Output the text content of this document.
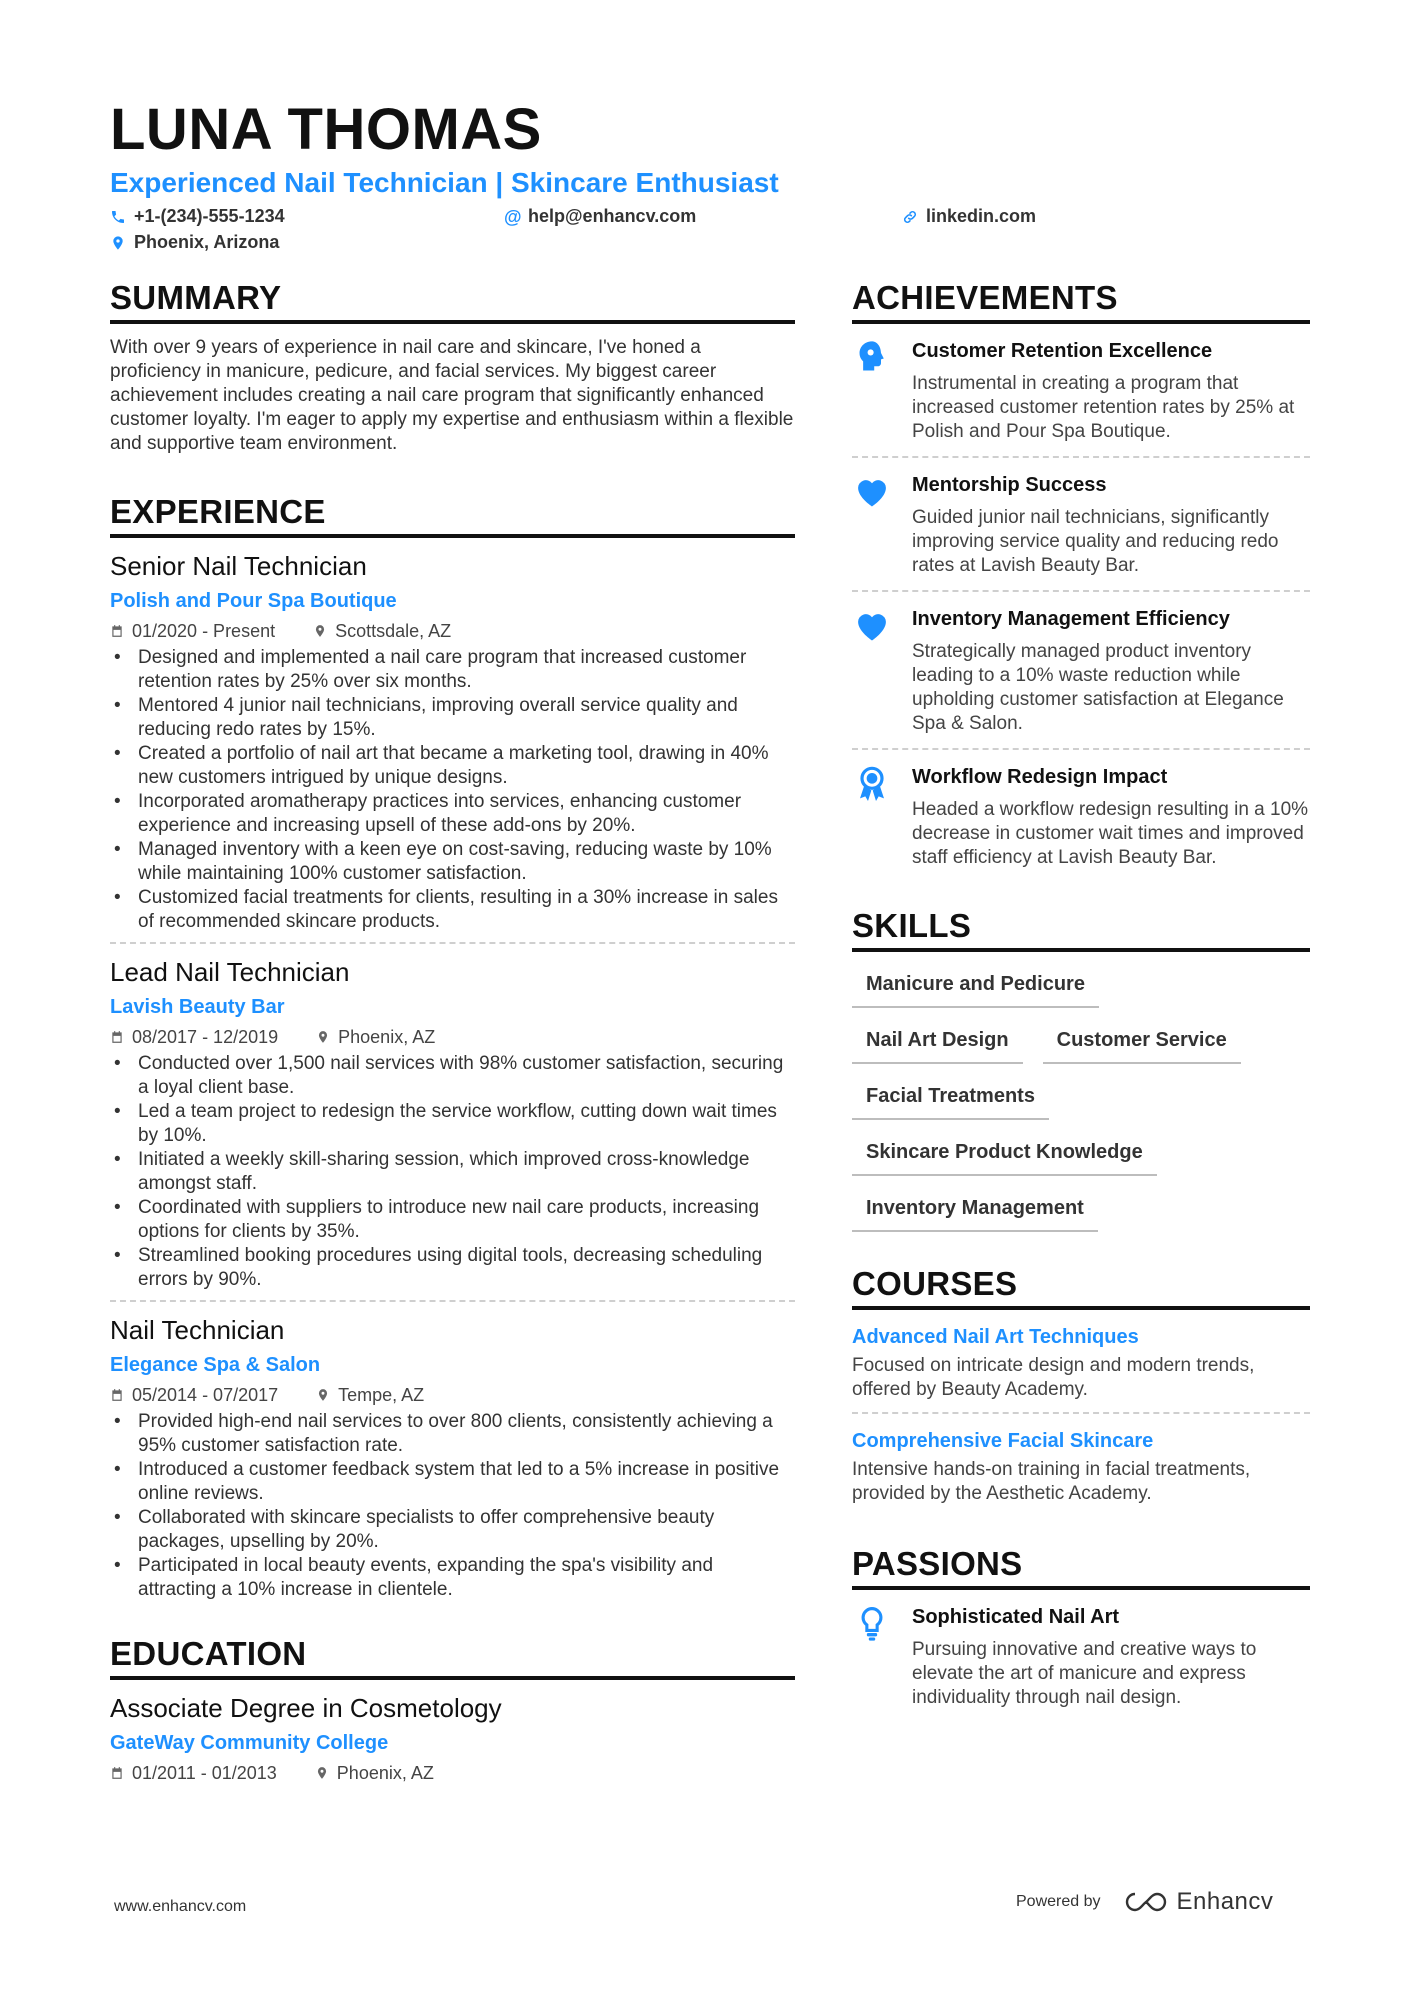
LUNA THOMAS
Experienced Nail Technician | Skincare Enthusiast
+1-(234)-555-1234	@ help@enhancv.com	linkedin.com
Phoenix, Arizona
SUMMARY

With over 9 years of experience in nail care and skincare, I've honed a proficiency in manicure, pedicure, and facial services. My biggest career achievement includes creating a nail care program that significantly enhanced customer loyalty. I'm eager to apply my expertise and enthusiasm within a flexible and supportive team environment.

EXPERIENCE
Senior Nail Technician
Polish and Pour Spa Boutique
01/2020 - Present	Scottsdale, AZ
• Designed and implemented a nail care program that increased customer retention rates by 25% over six months.
• Mentored 4 junior nail technicians, improving overall service quality and reducing redo rates by 15%.
• Created a portfolio of nail art that became a marketing tool, drawing in 40% new customers intrigued by unique designs.
• Incorporated aromatherapy practices into services, enhancing customer experience and increasing upsell of these add-ons by 20%.
• Managed inventory with a keen eye on cost-saving, reducing waste by 10% while maintaining 100% customer satisfaction.
• Customized facial treatments for clients, resulting in a 30% increase in sales of recommended skincare products.
Lead Nail Technician
Lavish Beauty Bar
08/2017 - 12/2019	Phoenix, AZ
• Conducted over 1,500 nail services with 98% customer satisfaction, securing a loyal client base.
• Led a team project to redesign the service workflow, cutting down wait times by 10%.
• Initiated a weekly skill-sharing session, which improved cross-knowledge amongst staff.
• Coordinated with suppliers to introduce new nail care products, increasing options for clients by 35%.
• Streamlined booking procedures using digital tools, decreasing scheduling errors by 90%.
Nail Technician
Elegance Spa & Salon
05/2014 - 07/2017	Tempe, AZ
• Provided high-end nail services to over 800 clients, consistently achieving a 95% customer satisfaction rate.
• Introduced a customer feedback system that led to a 5% increase in positive online reviews.
• Collaborated with skincare specialists to offer comprehensive beauty packages, upselling by 20%.
• Participated in local beauty events, expanding the spa's visibility and attracting a 10% increase in clientele.
EDUCATION
Associate Degree in Cosmetology
GateWay Community College
01/2011 - 01/2013	Phoenix, AZ
ACHIEVEMENTS
Customer Retention Excellence
Instrumental in creating a program that increased customer retention rates by 25% at Polish and Pour Spa Boutique.
Mentorship Success
Guided junior nail technicians, significantly improving service quality and reducing redo rates at Lavish Beauty Bar.
Inventory Management Efficiency
Strategically managed product inventory leading to a 10% waste reduction while upholding customer satisfaction at Elegance Spa & Salon.
Workflow Redesign Impact
Headed a workflow redesign resulting in a 10% decrease in customer wait times and improved staff efficiency at Lavish Beauty Bar.
SKILLS
Manicure and Pedicure
Nail Art Design	Customer Service
Facial Treatments
Skincare Product Knowledge
Inventory Management
COURSES
Advanced Nail Art Techniques
Focused on intricate design and modern trends, offered by Beauty Academy.
Comprehensive Facial Skincare
Intensive hands-on training in facial treatments, provided by the Aesthetic Academy.
PASSIONS
Sophisticated Nail Art
Pursuing innovative and creative ways to elevate the art of manicure and express individuality through nail design.
www.enhancv.com	Powered by	Enhancv
